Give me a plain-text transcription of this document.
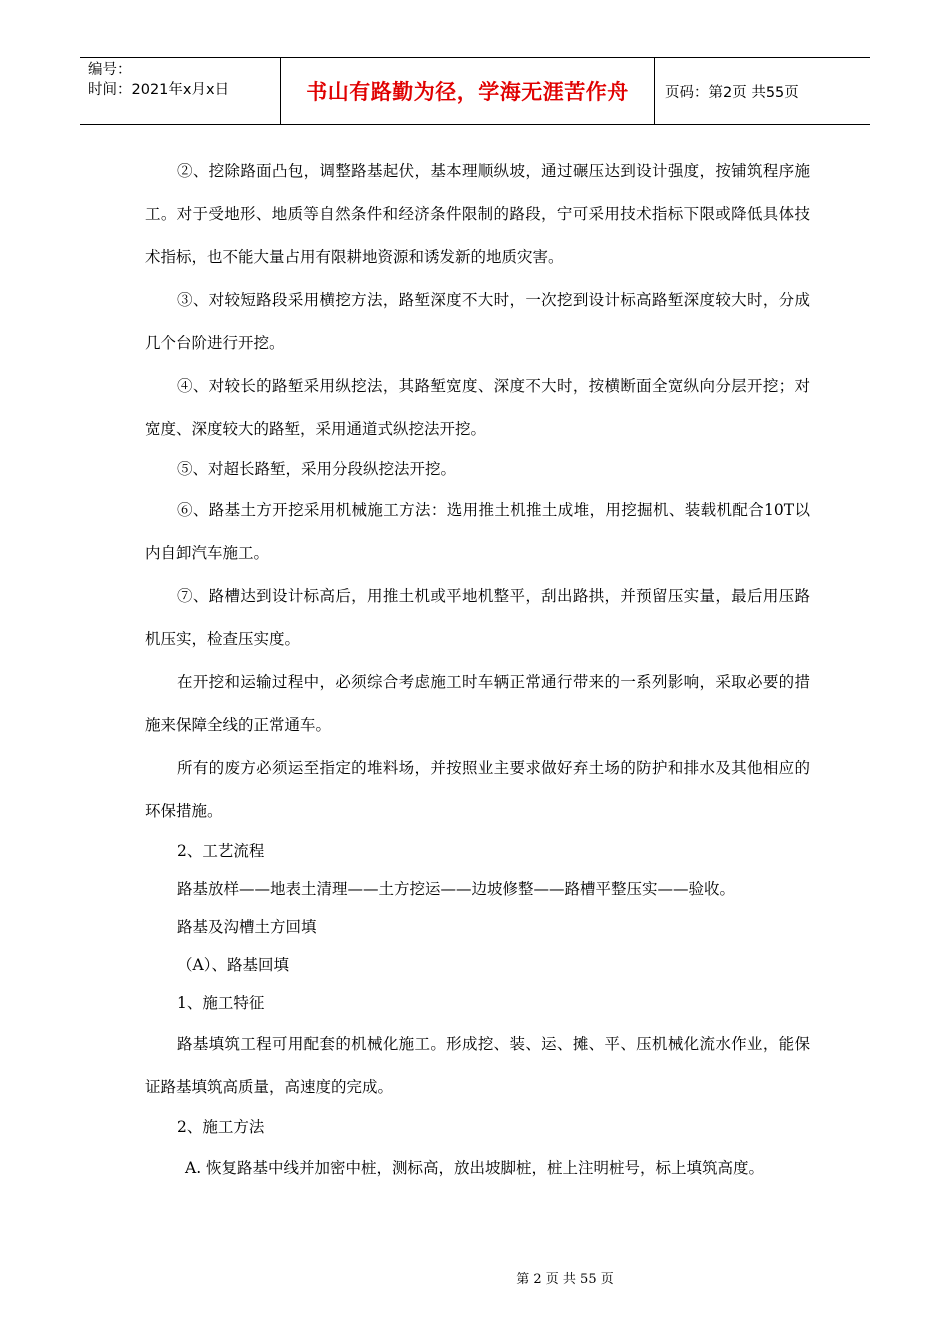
编号：
时间：2021年x月x日	书山有路勤为径，学海无涯苦作舟	页码：第2页 共55页

②、挖除路面凸包，调整路基起伏，基本理顺纵坡，通过碾压达到设计强度，按铺筑程序施工。对于受地形、地质等自然条件和经济条件限制的路段，宁可采用技术指标下限或降低具体技术指标，也不能大量占用有限耕地资源和诱发新的地质灾害。

③、对较短路段采用横挖方法，路堑深度不大时，一次挖到设计标高路堑深度较大时，分成几个台阶进行开挖。

④、对较长的路堑采用纵挖法，其路堑宽度、深度不大时，按横断面全宽纵向分层开挖；对宽度、深度较大的路堑，采用通道式纵挖法开挖。

⑤、对超长路堑，采用分段纵挖法开挖。

⑥、路基土方开挖采用机械施工方法：选用推土机推土成堆，用挖掘机、装载机配合10T以内自卸汽车施工。

⑦、路槽达到设计标高后，用推土机或平地机整平，刮出路拱，并预留压实量，最后用压路机压实，检查压实度。

在开挖和运输过程中，必须综合考虑施工时车辆正常通行带来的一系列影响，采取必要的措施来保障全线的正常通车。

所有的废方必须运至指定的堆料场，并按照业主要求做好弃土场的防护和排水及其他相应的环保措施。

2、工艺流程

路基放样——地表土清理——土方挖运——边坡修整——路槽平整压实——验收。

路基及沟槽土方回填

（A）、路基回填

1、施工特征

路基填筑工程可用配套的机械化施工。形成挖、装、运、摊、平、压机械化流水作业，能保证路基填筑高质量，高速度的完成。

2、施工方法

A. 恢复路基中线并加密中桩，测标高，放出坡脚桩，桩上注明桩号，标上填筑高度。

第 2 页 共 55 页
